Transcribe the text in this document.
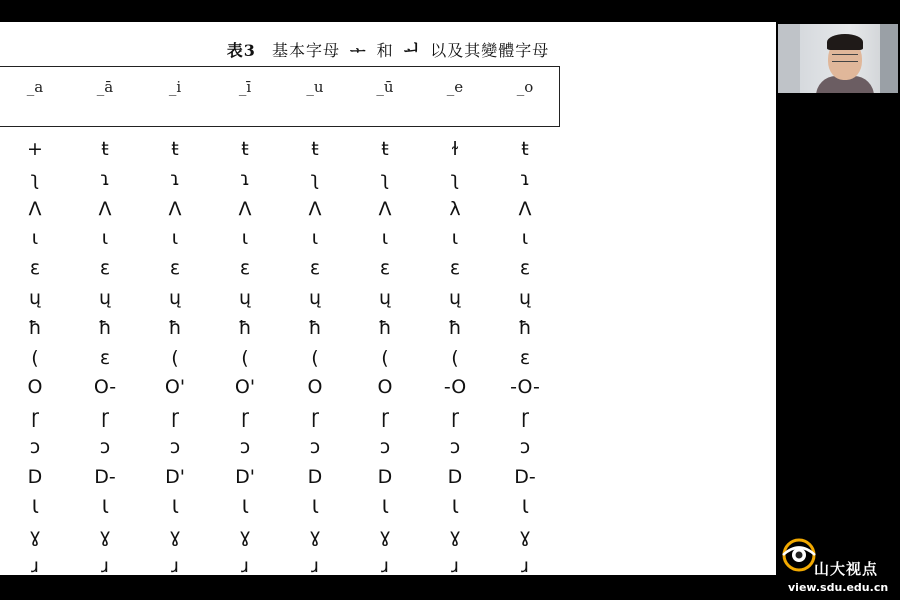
表3 基本字母 ᆠ 和 ᅬ 以及其變體字母
_a	_ā	_i	_ī	_u	_ū	_e	_o
+	ŧ	ŧ	ŧ	ŧ	ŧ	ɫ	ŧ
ʅ	ɿ	ɿ	ɿ	ʅ	ʅ	ʅ	ɿ
Λ	Λ	Λ	Λ	Λ	Λ	λ	Λ
ɩ	ɩ	ɩ	ɩ	ɩ	ɩ	ɩ	ɩ
ε	ε	ε	ε	ε	ε	ε	ε
ų	ų	ų	ų	ų	ų	ų	ų
ħ	ħ	ħ	ħ	ħ	ħ	ħ	ħ
(	ɛ	(	(	(	(	(	ɛ
O	O-	O'	O'	O	O	-O	-O-
ɼ	ɼ	ɼ	ɼ	ɼ	ɼ	ɼ	ɼ
ɔ	ɔ	ɔ	ɔ	ɔ	ɔ	ɔ	ɔ
D	D-	D'	D'	D	D	D	D-
Ɩ	Ɩ	Ɩ	Ɩ	Ɩ	Ɩ	Ɩ	Ɩ
ɣ	ɣ	ɣ	ɣ	ɣ	ɣ	ɣ	ɣ
ɹ	ɹ	ɹ	ɹ	ɹ	ɹ	ɹ	ɹ	山大视点
view.sdu.edu.cn
